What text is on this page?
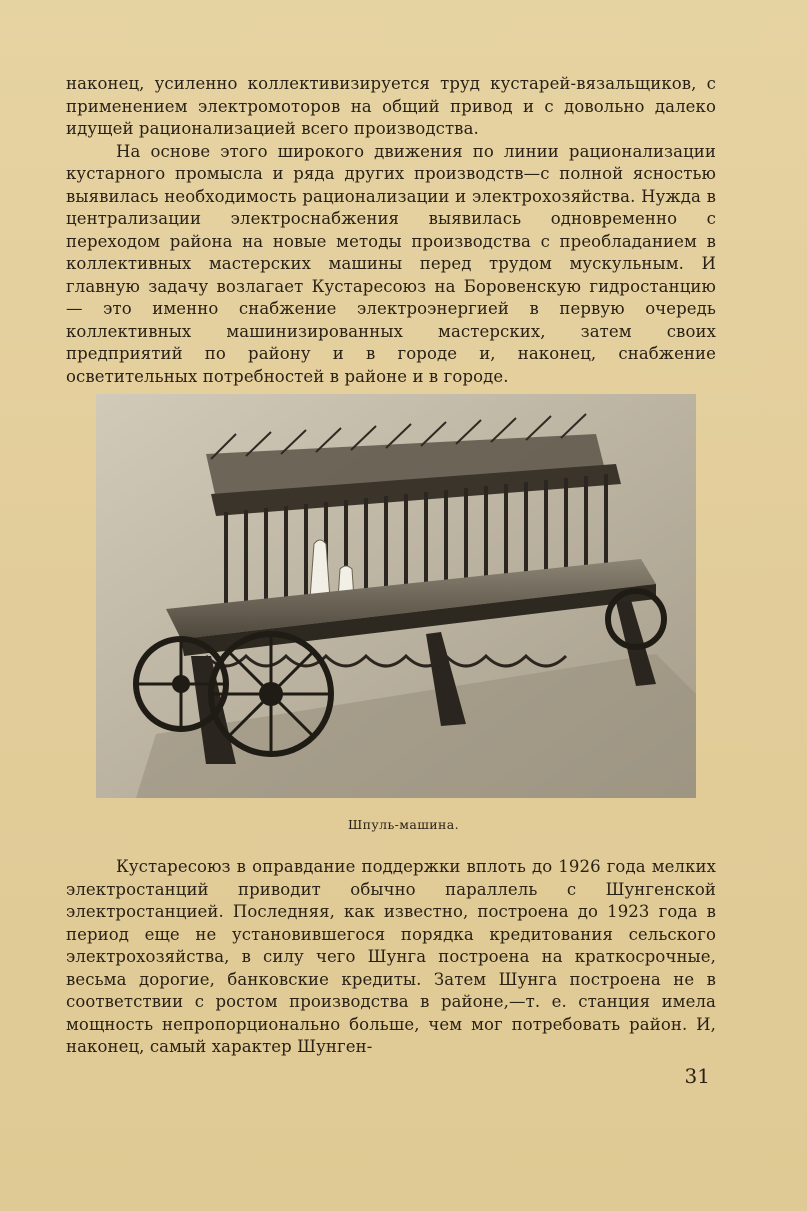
наконец, усиленно коллективизируется труд кустарей-вязальщиков, с применением электромоторов на общий привод и с довольно далеко идущей рационализацией всего производства.

На основе этого широкого движения по линии рационализации кустарного промысла и ряда других производств—с полной ясностью выявилась необходимость рационализации и электрохозяйства. Нужда в централизации электроснабжения выявилась одновременно с переходом района на новые методы производства с преобладанием в коллективных мастерских машины перед трудом мускульным. И главную задачу возлагает Кустаресоюз на Боровенскую гидростанцию — это именно снабжение электроэнергией в первую очередь коллективных машинизированных мастерских, затем своих предприятий по району и в городе и, наконец, снабжение осветительных потребностей в районе и в городе.

Шпуль-машина.

Кустаресоюз в оправдание поддержки вплоть до 1926 года мелких электростанций приводит обычно параллель с Шунгенской электростанцией. Последняя, как известно, построена до 1923 года в период еще не установившегося порядка кредитования сельского электрохозяйства, в силу чего Шунга построена на краткосрочные, весьма дорогие, банковские кредиты. Затем Шунга построена не в соответствии с ростом производства в районе,—т. е. станция имела мощность непропорционально больше, чем мог потребовать район. И, наконец, самый характер Шунген-

31
